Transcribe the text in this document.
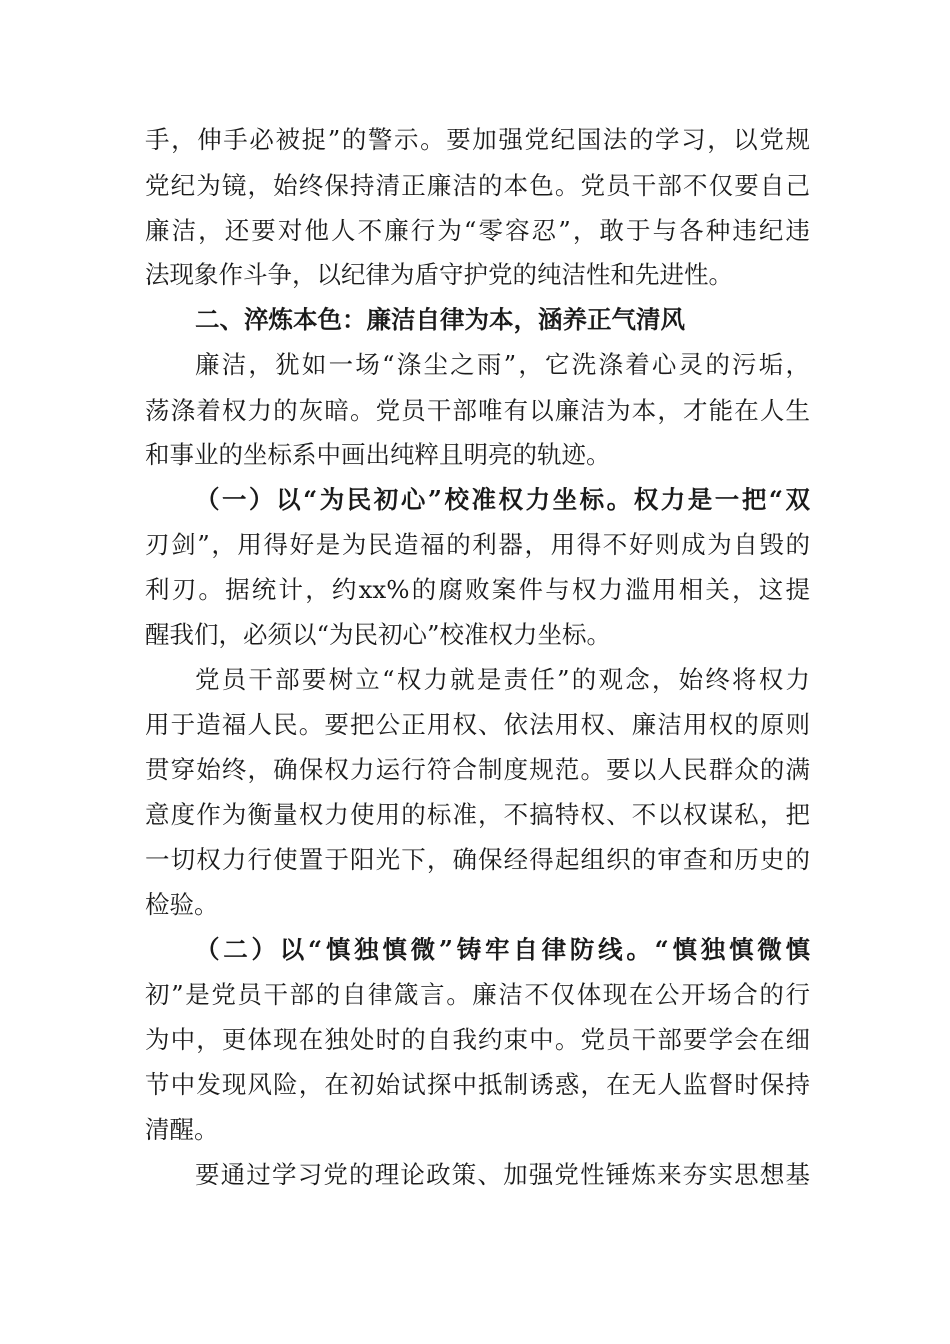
手，伸手必被捉”的警示。要加强党纪国法的学习，以党规
党纪为镜，始终保持清正廉洁的本色。党员干部不仅要自己
廉洁，还要对他人不廉行为“零容忍”，敢于与各种违纪违
法现象作斗争，以纪律为盾守护党的纯洁性和先进性。
二、淬炼本色：廉洁自律为本，涵养正气清风
廉洁，犹如一场“涤尘之雨”，它洗涤着心灵的污垢，
荡涤着权力的灰暗。党员干部唯有以廉洁为本，才能在人生
和事业的坐标系中画出纯粹且明亮的轨迹。
（一）以“为民初心”校准权力坐标。权力是一把“双
刃剑”，用得好是为民造福的利器，用得不好则成为自毁的
利刃。据统计，约xx%的腐败案件与权力滥用相关，这提
醒我们，必须以“为民初心”校准权力坐标。
党员干部要树立“权力就是责任”的观念，始终将权力
用于造福人民。要把公正用权、依法用权、廉洁用权的原则
贯穿始终，确保权力运行符合制度规范。要以人民群众的满
意度作为衡量权力使用的标准，不搞特权、不以权谋私，把
一切权力行使置于阳光下，确保经得起组织的审查和历史的
检验。
（二）以“慎独慎微”铸牢自律防线。“慎独慎微慎
初”是党员干部的自律箴言。廉洁不仅体现在公开场合的行
为中，更体现在独处时的自我约束中。党员干部要学会在细
节中发现风险，在初始试探中抵制诱惑，在无人监督时保持
清醒。
要通过学习党的理论政策、加强党性锤炼来夯实思想基
